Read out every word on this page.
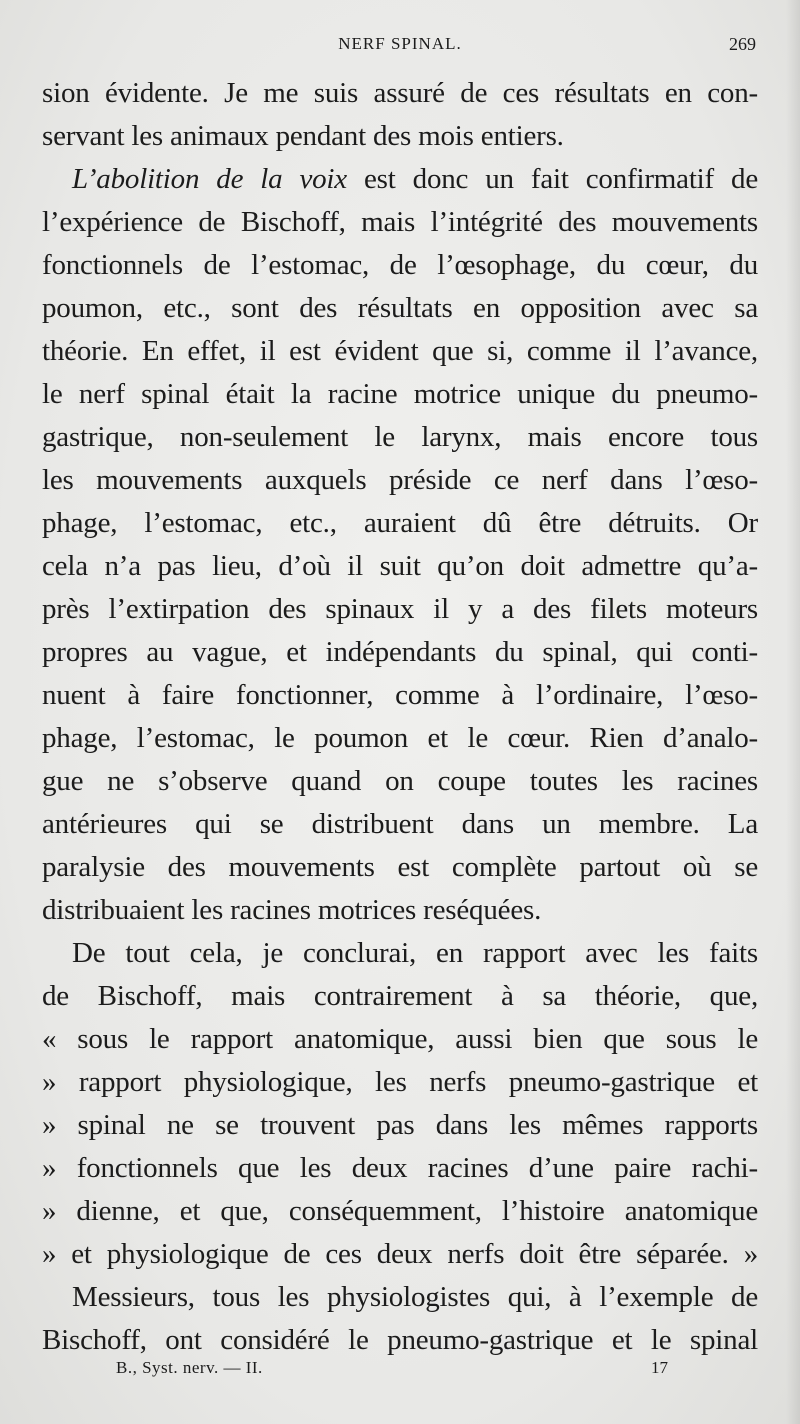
NERF SPINAL.	269
sion évidente. Je me suis assuré de ces résultats en con-
servant les animaux pendant des mois entiers.
L’abolition de la voix est donc un fait confirmatif de
l’expérience de Bischoff, mais l’intégrité des mouvements
fonctionnels de l’estomac, de l’œsophage, du cœur, du
poumon, etc., sont des résultats en opposition avec sa
théorie. En effet, il est évident que si, comme il l’avance,
le nerf spinal était la racine motrice unique du pneumo-
gastrique, non-seulement le larynx, mais encore tous
les mouvements auxquels préside ce nerf dans l’œso-
phage, l’estomac, etc., auraient dû être détruits. Or
cela n’a pas lieu, d’où il suit qu’on doit admettre qu’a-
près l’extirpation des spinaux il y a des filets moteurs
propres au vague, et indépendants du spinal, qui conti-
nuent à faire fonctionner, comme à l’ordinaire, l’œso-
phage, l’estomac, le poumon et le cœur. Rien d’analo-
gue ne s’observe quand on coupe toutes les racines
antérieures qui se distribuent dans un membre. La
paralysie des mouvements est complète partout où se
distribuaient les racines motrices reséquées.
De tout cela, je conclurai, en rapport avec les faits
de Bischoff, mais contrairement à sa théorie, que,
« sous le rapport anatomique, aussi bien que sous le
» rapport physiologique, les nerfs pneumo-gastrique et
» spinal ne se trouvent pas dans les mêmes rapports
» fonctionnels que les deux racines d’une paire rachi-
» dienne, et que, conséquemment, l’histoire anatomique
» et physiologique de ces deux nerfs doit être séparée. »
Messieurs, tous les physiologistes qui, à l’exemple de
Bischoff, ont considéré le pneumo-gastrique et le spinal
B., Syst. nerv. — II.	17
